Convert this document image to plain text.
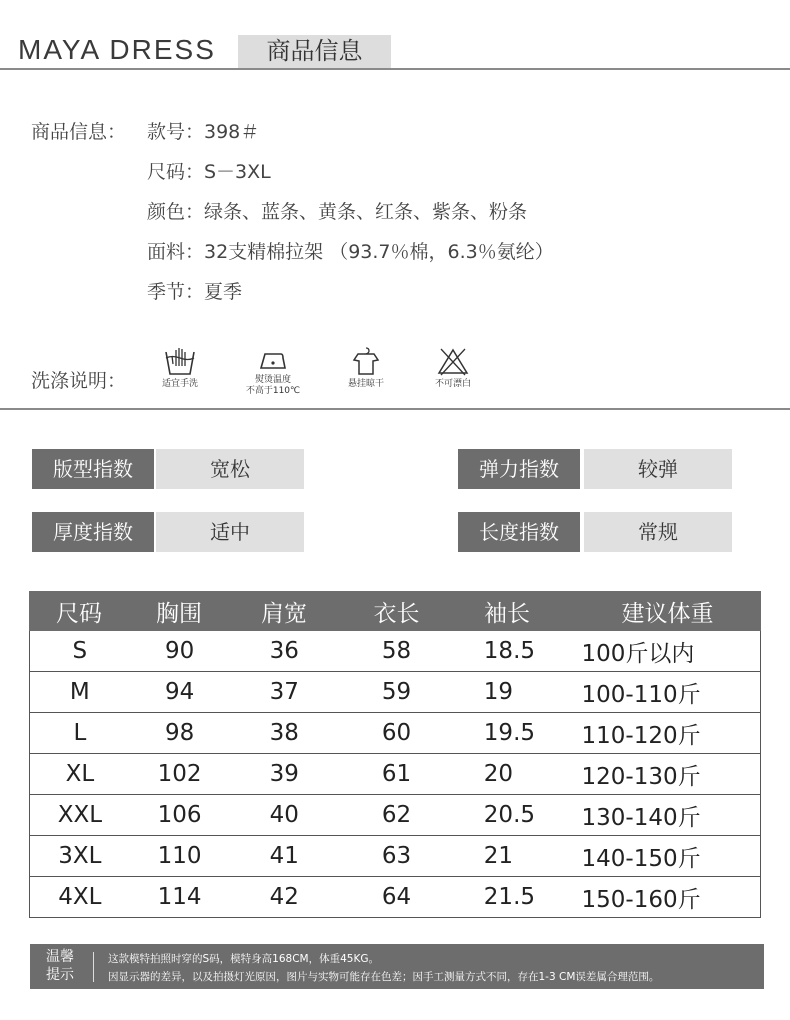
MAYA DRESS	商品信息
商品信息： 款号：398＃
尺码：S－3XL
颜色：绿条、蓝条、黄条、红条、紫条、粉条
面料：32支精棉拉架 （93.7％棉，6.3％氨纶）
季节：夏季
洗涤说明：	适宜手洗	熨烫温度
不高于110℃
悬挂晾干	不可漂白
版型指数	宽松	弹力指数	较弹
厚度指数	适中	长度指数	常规
尺码	胸围	肩宽	衣长	袖长	建议体重
S	90	36	58	18.5	100斤以内
M	94	37	59	19	100-110斤
L	98	38	60	19.5	110-120斤
XL	102	39	61	20	120-130斤
XXL	106	40	62	20.5	130-140斤
3XL	110	41	63	21	140-150斤
4XL	114	42	64	21.5	150-160斤
温馨
提示
这款模特拍照时穿的S码，模特身高168CM，体重45KG。
因显示器的差异，以及拍摄灯光原因，图片与实物可能存在色差；因手工测量方式不同，存在1-3 CM误差属合理范围。
